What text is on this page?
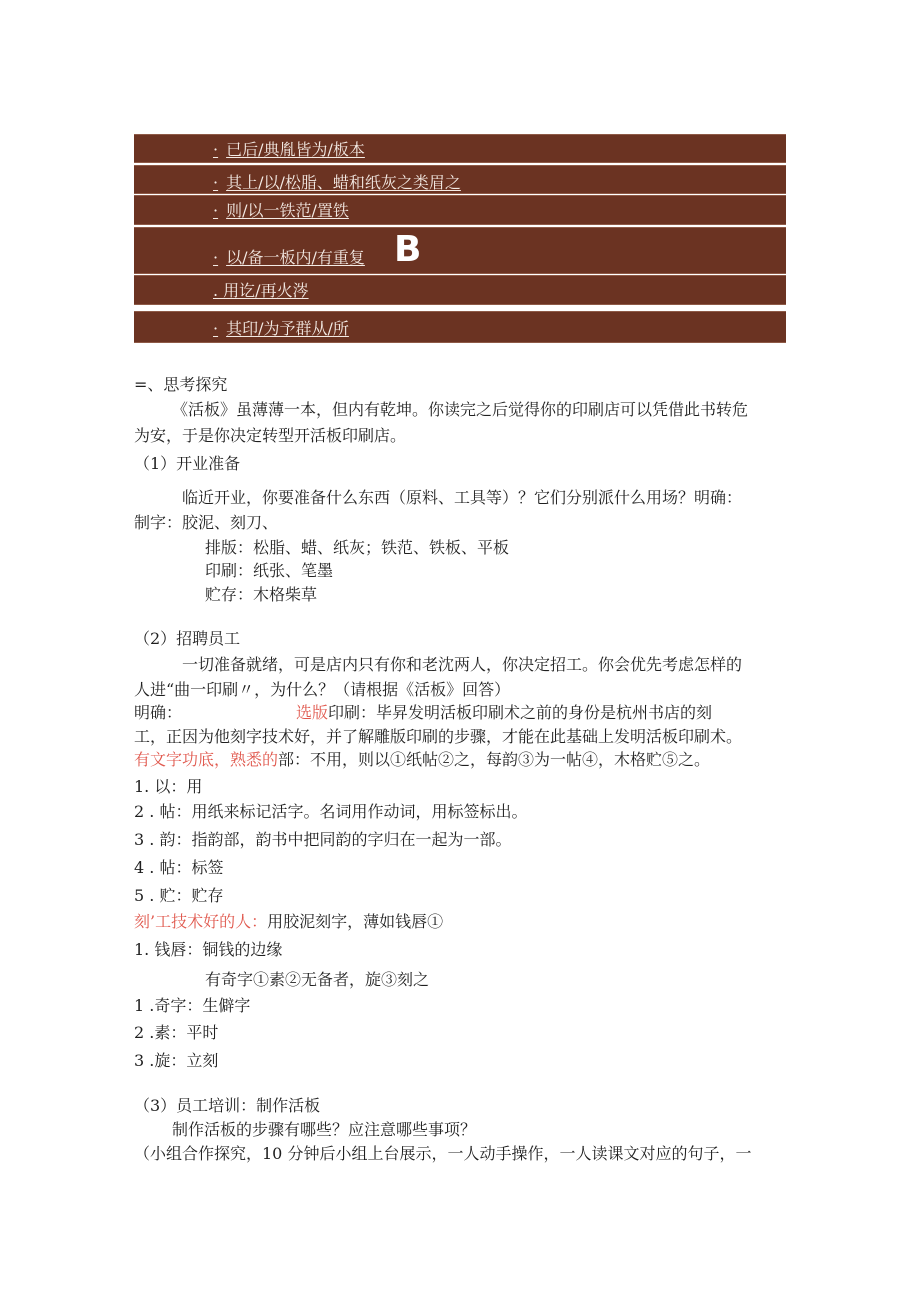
· 已后/典胤皆为/板本
· 其上/以/松脂、蜡和纸灰之类眉之
· 则/以一铁范/置铁
· 以/备一板内/有重复 B
. 用讫/再火涔
· 其印/为予群从/所
=、思考探究
《活板》虽薄薄一本，但内有乾坤。你读完之后觉得你的印刷店可以凭借此书转危
为安，于是你决定转型开活板印刷店。
（1）开业准备
临近开业，你要准备什么东西（原料、工具等）？它们分别派什么用场？明确：
制字：胶泥、刻刀、
排版：松脂、蜡、纸灰；铁范、铁板、平板
印刷：纸张、笔墨
贮存：木格柴草
（2）招聘员工
一切准备就绪，可是店内只有你和老沈两人，你决定招工。你会优先考虑怎样的
人进“曲一印刷〃，为什么？（请根据《活板》回答）
明确：	选版印刷：毕昇发明活板印刷术之前的身份是杭州书店的刻
工，正因为他刻字技术好，并了解雕版印刷的步骤，才能在此基础上发明活板印刷术。
有文字功底，熟悉的部：不用，则以①纸帖②之，每韵③为一帖④，木格贮⑤之。
1. 以：用
2 . 帖：用纸来标记活字。名词用作动词，用标签标出。
3 . 韵：指韵部，韵书中把同韵的字归在一起为一部。
4 . 帖：标签
5 . 贮：贮存
刻’工技术好的人：用胶泥刻字，薄如钱唇①
1. 钱唇：铜钱的边缘
有奇字①素②无备者，旋③刻之
1 .奇字：生僻字
2 .素：平时
3 .旋：立刻
（3）员工培训：制作活板
制作活板的步骤有哪些？应注意哪些事项？
（小组合作探究，10 分钟后小组上台展示，一人动手操作，一人读课文对应的句子，一
